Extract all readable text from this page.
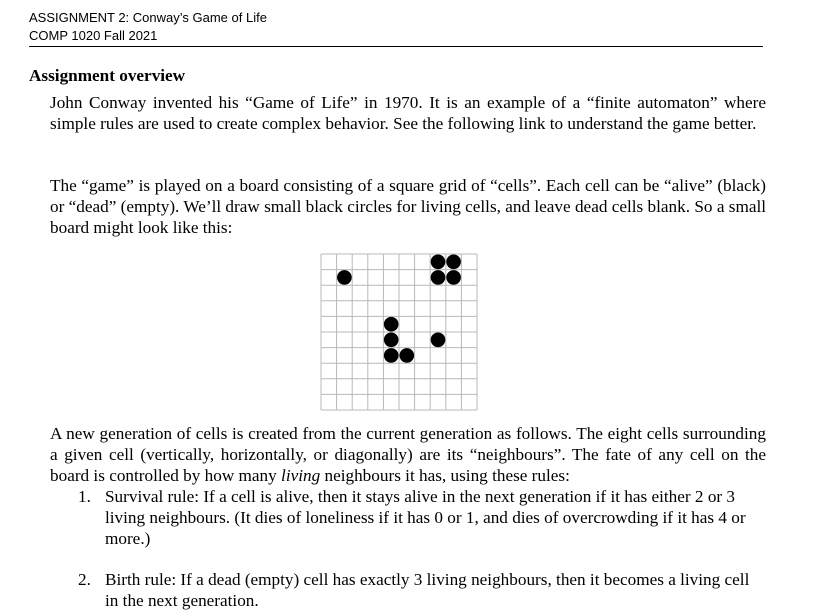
ASSIGNMENT 2: Conway’s Game of Life
COMP 1020 Fall 2021
Assignment overview
John Conway invented his “Game of Life” in 1970. It is an example of a “finite automaton” where simple rules are used to create complex behavior. See the following link to understand the game better.
The “game” is played on a board consisting of a square grid of “cells”. Each cell can be “alive” (black) or “dead” (empty). We’ll draw small black circles for living cells, and leave dead cells blank. So a small board might look like this:
A new generation of cells is created from the current generation as follows. The eight cells surrounding a given cell (vertically, horizontally, or diagonally) are its “neighbours”. The fate of any cell on the board is controlled by how many living neighbours it has, using these rules:
1. Survival rule: If a cell is alive, then it stays alive in the next generation if it has either 2 or 3 living neighbours. (It dies of loneliness if it has 0 or 1, and dies of overcrowding if it has 4 or more.)
2. Birth rule: If a dead (empty) cell has exactly 3 living neighbours, then it becomes a living cell in the next generation.
